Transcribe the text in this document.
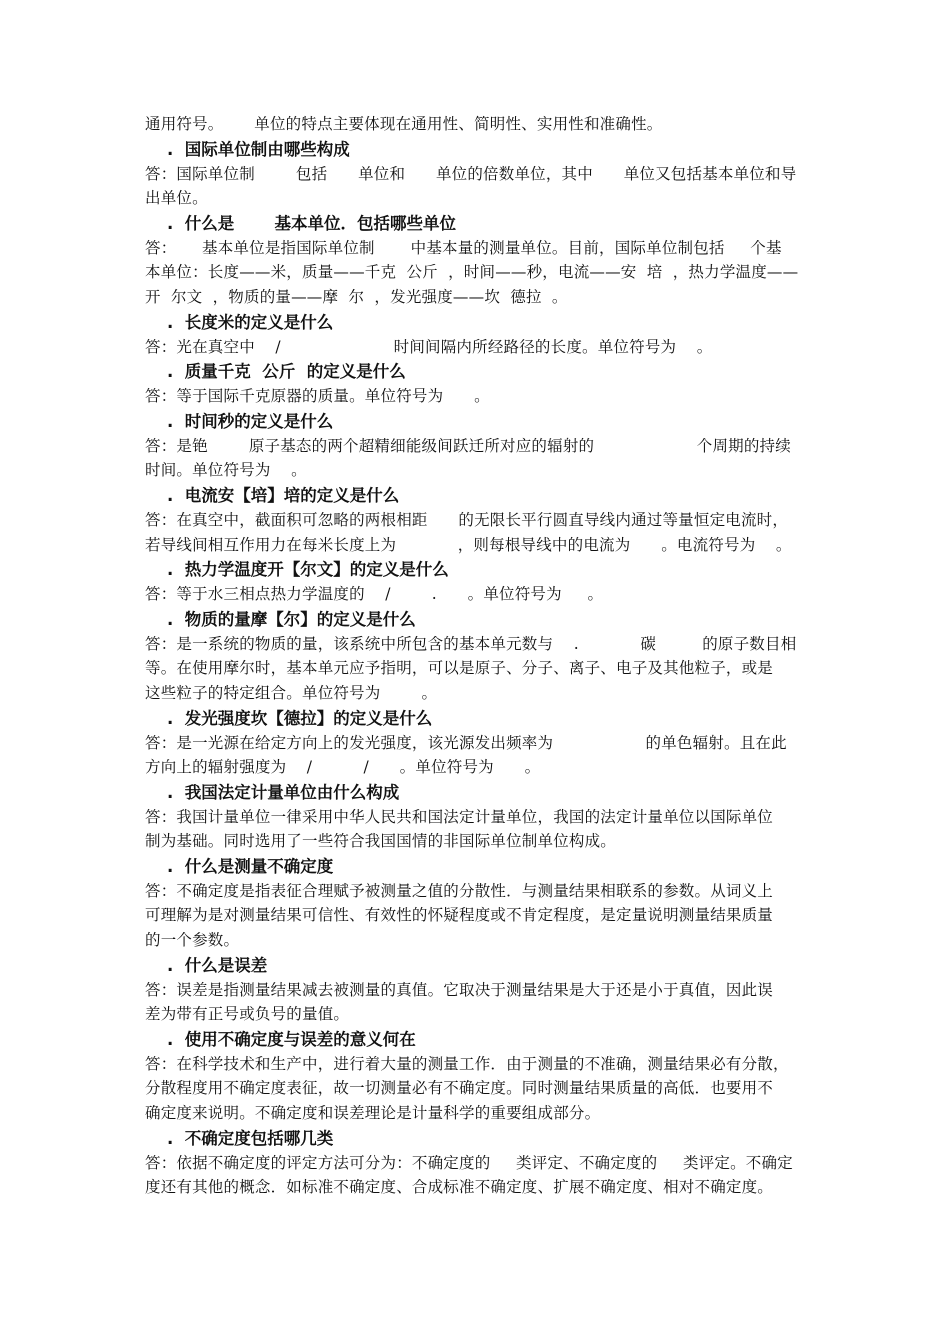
通用符号。      单位的特点主要体现在通用性、简明性、实用性和准确性。
.  国际单位制由哪些构成
答：国际单位制        包括      单位和      单位的倍数单位，其中      单位又包括基本单位和导
出单位。
.  什么是       基本单位．包括哪些单位
答：     基本单位是指国际单位制       中基本量的测量单位。目前，国际单位制包括     个基
本单位：长度——米，质量——千克  公斤  ，时间——秒，电流——安  培  ，热力学温度——
开  尔文  ，物质的量——摩  尔  ，发光强度——坎  德拉  。
.  长度米的定义是什么
答：光在真空中    /                      时间间隔内所经路径的长度。单位符号为    。
.  质量千克  公斤  的定义是什么
答：等于国际千克原器的质量。单位符号为      。
.  时间秒的定义是什么
答：是铯        原子基态的两个超精细能级间跃迁所对应的辐射的                    个周期的持续
时间。单位符号为    。
.  电流安【培】培的定义是什么
答：在真空中，截面积可忽略的两根相距      的无限长平行圆直导线内通过等量恒定电流时，
若导线间相互作用力在每米长度上为            ，则每根导线中的电流为      。电流符号为    。
.  热力学温度开【尔文】的定义是什么
答：等于水三相点热力学温度的    /        .      。单位符号为     。
.  物质的量摩【尔】的定义是什么
答：是一系统的物质的量，该系统中所包含的基本单元数与    .            碳         的原子数目相
等。在使用摩尔时，基本单元应予指明，可以是原子、分子、离子、电子及其他粒子，或是
这些粒子的特定组合。单位符号为        。
.  发光强度坎【德拉】的定义是什么
答：是一光源在给定方向上的发光强度，该光源发出频率为                  的单色辐射。且在此
方向上的辐射强度为    /          /      。单位符号为      。
.  我国法定计量单位由什么构成
答：我国计量单位一律采用中华人民共和国法定计量单位，我国的法定计量单位以国际单位
制为基础。同时选用了一些符合我国国情的非国际单位制单位构成。
.  什么是测量不确定度
答：不确定度是指表征合理赋予被测量之值的分散性．与测量结果相联系的参数。从词义上
可理解为是对测量结果可信性、有效性的怀疑程度或不肯定程度，是定量说明测量结果质量
的一个参数。
.  什么是误差
答：误差是指测量结果减去被测量的真值。它取决于测量结果是大于还是小于真值，因此误
差为带有正号或负号的量值。
.  使用不确定度与误差的意义何在
答：在科学技术和生产中，进行着大量的测量工作．由于测量的不准确，测量结果必有分散，
分散程度用不确定度表征，故一切测量必有不确定度。同时测量结果质量的高低．也要用不
确定度来说明。不确定度和误差理论是计量科学的重要组成部分。
.  不确定度包括哪几类
答：依据不确定度的评定方法可分为：不确定度的     类评定、不确定度的     类评定。不确定
度还有其他的概念．如标准不确定度、合成标准不确定度、扩展不确定度、相对不确定度。
